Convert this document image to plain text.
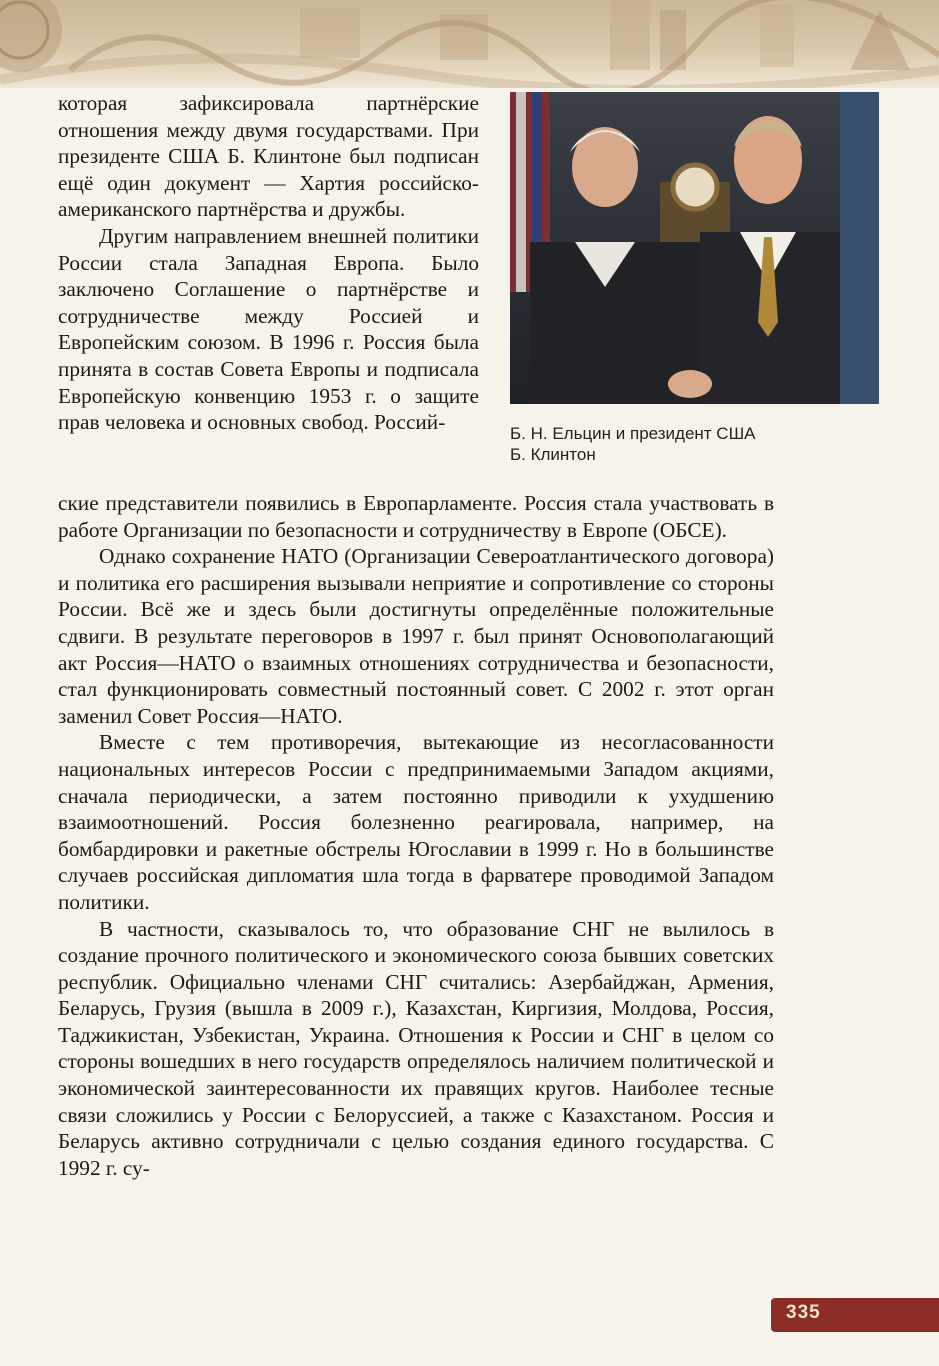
которая зафиксировала партнёрские отношения между двумя государствами. При президенте США Б. Клинтоне был подписан ещё один документ — Хартия российско-американского партнёрства и дружбы.

Другим направлением внешней политики России стала Западная Европа. Было заключено Соглашение о партнёрстве и сотрудничестве между Россией и Европейским союзом. В 1996 г. Россия была принята в состав Совета Европы и подписала Европейскую конвенцию 1953 г. о защите прав человека и основных свобод. Россий-	Б. Н. Ельцин и президент США
Б. Клинтон

ские представители появились в Европарламенте. Россия стала участвовать в работе Организации по безопасности и сотрудничеству в Европе (ОБСЕ).

Однако сохранение НАТО (Организации Североатлантического договора) и политика его расширения вызывали неприятие и сопротивление со стороны России. Всё же и здесь были достигнуты определённые положительные сдвиги. В результате переговоров в 1997 г. был принят Основополагающий акт Россия—НАТО о взаимных отношениях сотрудничества и безопасности, стал функционировать совместный постоянный совет. С 2002 г. этот орган заменил Совет Россия—НАТО.

Вместе с тем противоречия, вытекающие из несогласованности национальных интересов России с предпринимаемыми Западом акциями, сначала периодически, а затем постоянно приводили к ухудшению взаимоотношений. Россия болезненно реагировала, например, на бомбардировки и ракетные обстрелы Югославии в 1999 г. Но в большинстве случаев российская дипломатия шла тогда в фарватере проводимой Западом политики.

В частности, сказывалось то, что образование СНГ не вылилось в создание прочного политического и экономического союза бывших советских республик. Официально членами СНГ считались: Азербайджан, Армения, Беларусь, Грузия (вышла в 2009 г.), Казахстан, Киргизия, Молдова, Россия, Таджикистан, Узбекистан, Украина. Отношения к России и СНГ в целом со стороны вошедших в него государств определялось наличием политической и экономической заинтересованности их правящих кругов. Наиболее тесные связи сложились у России с Белоруссией, а также с Казахстаном. Россия и Беларусь активно сотрудничали с целью создания единого государства. С 1992 г. су-

335
